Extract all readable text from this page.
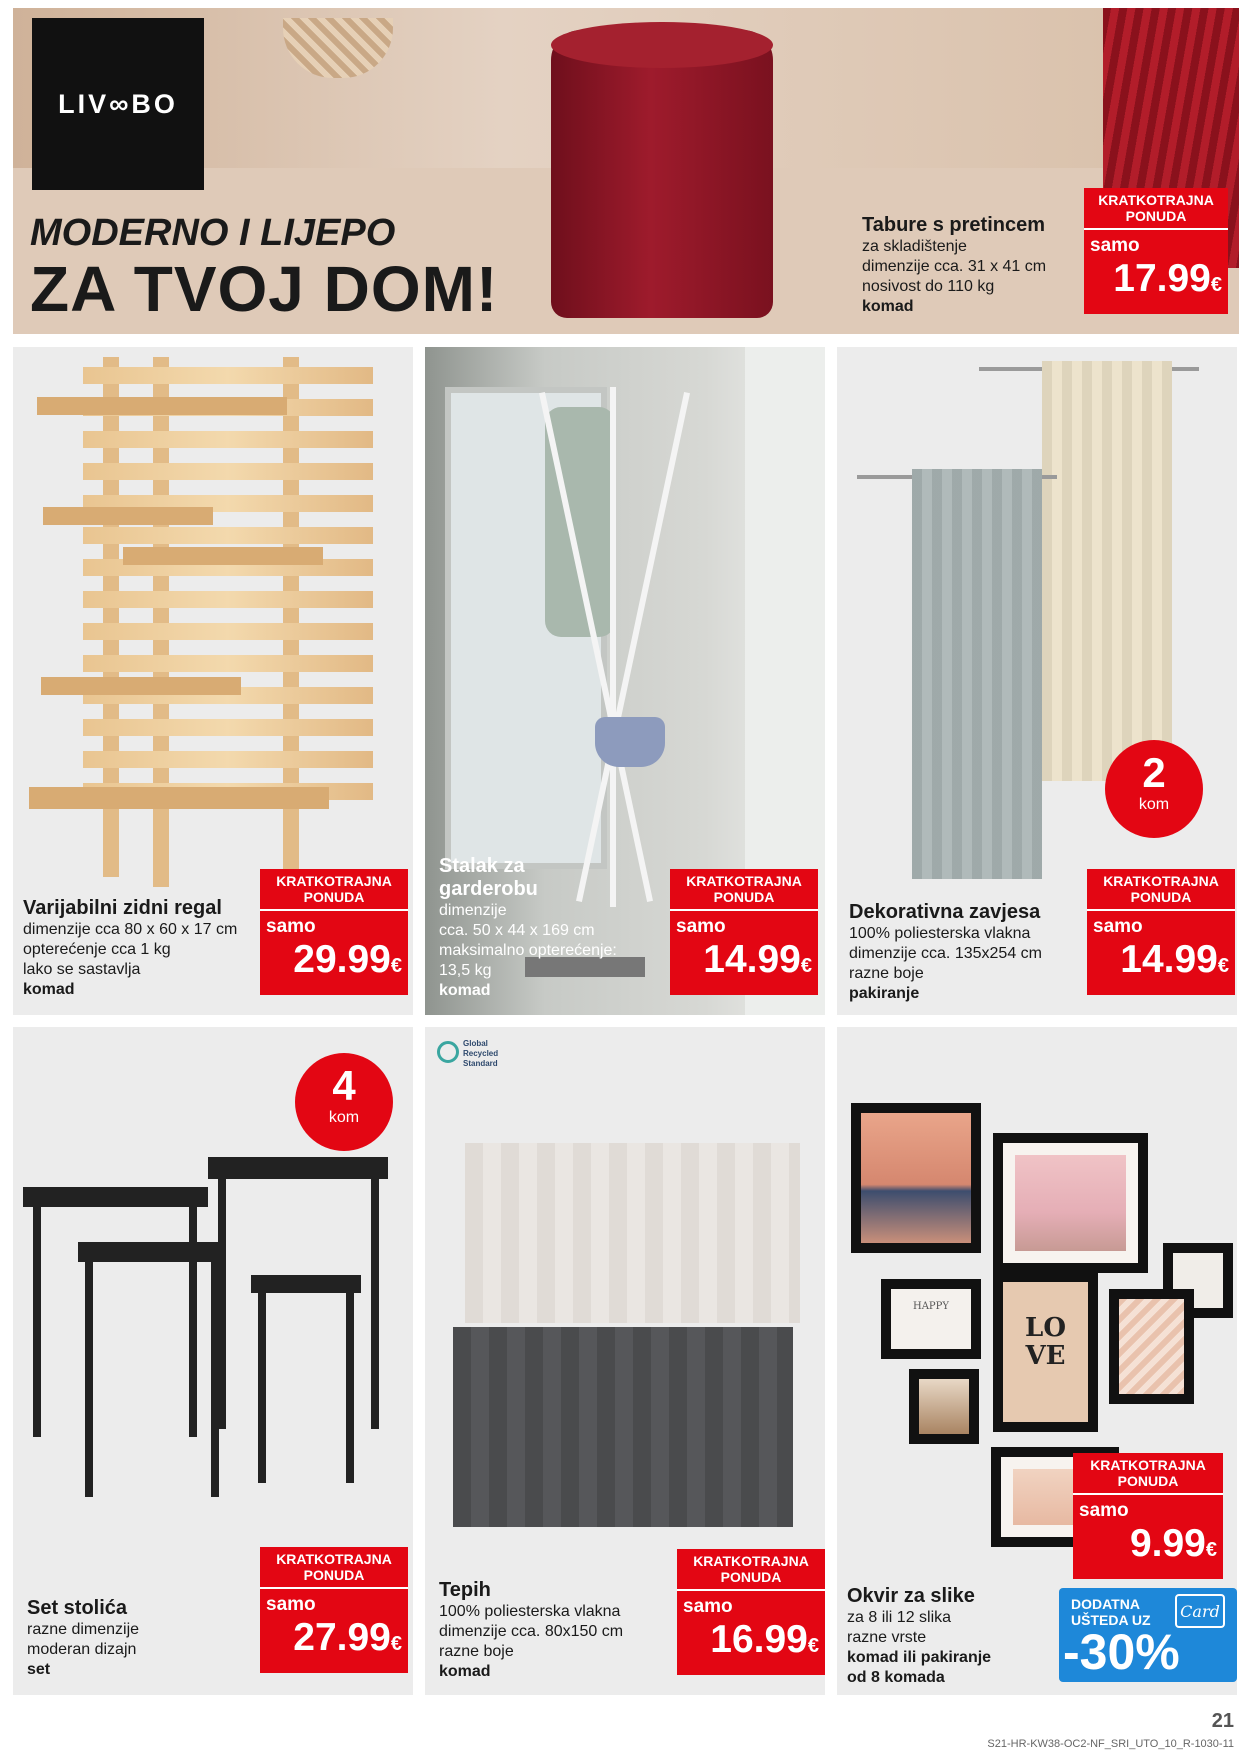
LIV∞BO
MODERNO I LIJEPO
ZA TVOJ DOM!
Tabure s pretincem
za skladištenje
dimenzije cca. 31 x 41 cm
nosivost do 110 kg
komad
KRATKOTRAJNA PONUDA
samo
17.99€
Varijabilni zidni regal
dimenzije cca 80 x 60 x 17 cm
opterećenje cca 1 kg
lako se sastavlja
komad
KRATKOTRAJNA PONUDA
samo
29.99€
Stalak za garderobu
dimenzije
cca. 50 x 44 x 169 cm
maksimalno opterećenje:
13,5 kg
komad
KRATKOTRAJNA PONUDA
samo
14.99€
2
kom
Dekorativna zavjesa
100% poliesterska vlakna
dimenzije cca. 135x254 cm
razne boje
pakiranje
KRATKOTRAJNA PONUDA
samo
14.99€
4
kom
Set stolića
razne dimenzije
moderan dizajn
set
KRATKOTRAJNA PONUDA
samo
27.99€
Global Recycled Standard
Tepih
100% poliesterska vlakna
dimenzije cca. 80x150 cm
razne boje
komad
KRATKOTRAJNA PONUDA
samo
16.99€
HAPPY
LO
VE
Okvir za slike
za 8 ili 12 slika
razne vrste
komad ili pakiranje
od 8 komada
KRATKOTRAJNA PONUDA
samo
9.99€
DODATNA
UŠTEDA UZ	Card
-30%
21
S21-HR-KW38-OC2-NF_SRI_UTO_10_R-1030-11
